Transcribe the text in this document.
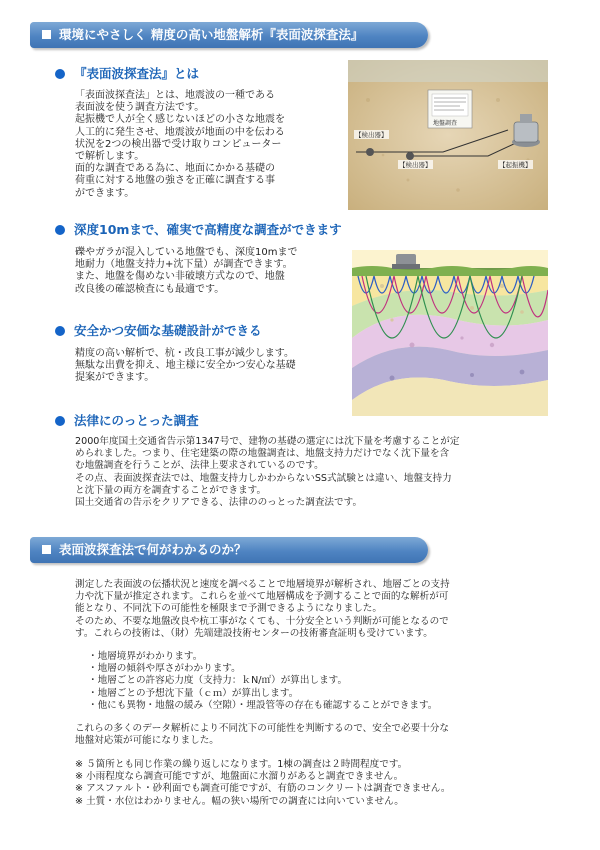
環境にやさしく 精度の高い地盤解析『表面波探査法』
『表面波探査法』とは

「表面波探査法」とは、地震波の一種である

表面波を使う調査方法です。

起振機で人が全く感じないほどの小さな地震を

人工的に発生させ、地震波が地面の中を伝わる

状況を2つの検出器で受け取りコンピューター

で解析します。

面的な調査である為に、地面にかかる基礎の

荷重に対する地盤の強さを正確に調査する事

ができます。

【検出器】
【検出器】	【起振機】
地盤調査
深度10mまで、確実で高精度な調査ができます

礫やガラが混入している地盤でも、深度10mまで

地耐力（地盤支持力+沈下量）が調査できます。

また、地盤を傷めない非破壊方式なので、地盤

改良後の確認検査にも最適です。

安全かつ安価な基礎設計ができる

精度の高い解析で、杭・改良工事が減少します。

無駄な出費を抑え、地主様に安全かつ安心な基礎

提案ができます。

法律にのっとった調査

2000年度国土交通省告示第1347号で、建物の基礎の選定には沈下量を考慮することが定

められました。つまり、住宅建築の際の地盤調査は、地盤支持力だけでなく沈下量を含

む地盤調査を行うことが、法律上要求されているのです。

その点、表面波探査法では、地盤支持力しかわからないSS式試験とは違い、地盤支持力

と沈下量の両方を調査することができます。

国土交通省の告示をクリアできる、法律ののっとった調査法です。

表面波探査法で何がわかるのか？

測定した表面波の伝播状況と速度を調べることで地層境界が解析され、地層ごとの支持

力や沈下量が推定されます。これらを並べて地層構成を予測することで面的な解析が可

能となり、不同沈下の可能性を極限まで予測できるようになりました。

そのため、不要な地盤改良や杭工事がなくても、十分安全という判断が可能となるので

す。これらの技術は、（財）先端建設技術センターの技術審査証明も受けています。

・地層境界がわかります。

・地層の傾斜や厚さがわかります。

・地層ごとの許容応力度（支持力：ｋN/㎡）が算出します。

・地層ごとの予想沈下量（ｃｍ）が算出します。

・他にも異物・地盤の緩み（空隙）・埋設管等の存在も確認することができます。

これらの多くのデータ解析により不同沈下の可能性を判断するので、安全で必要十分な

地盤対応策が可能になりました。

※ ５箇所とも同じ作業の繰り返しになります。1棟の調査は２時間程度です。

※ 小雨程度なら調査可能ですが、地盤面に水溜りがあると調査できません。

※ アスファルト・砂利面でも調査可能ですが、有筋のコンクリートは調査できません。

※ 土質・水位はわかりません。幅の狭い場所での調査には向いていません。
